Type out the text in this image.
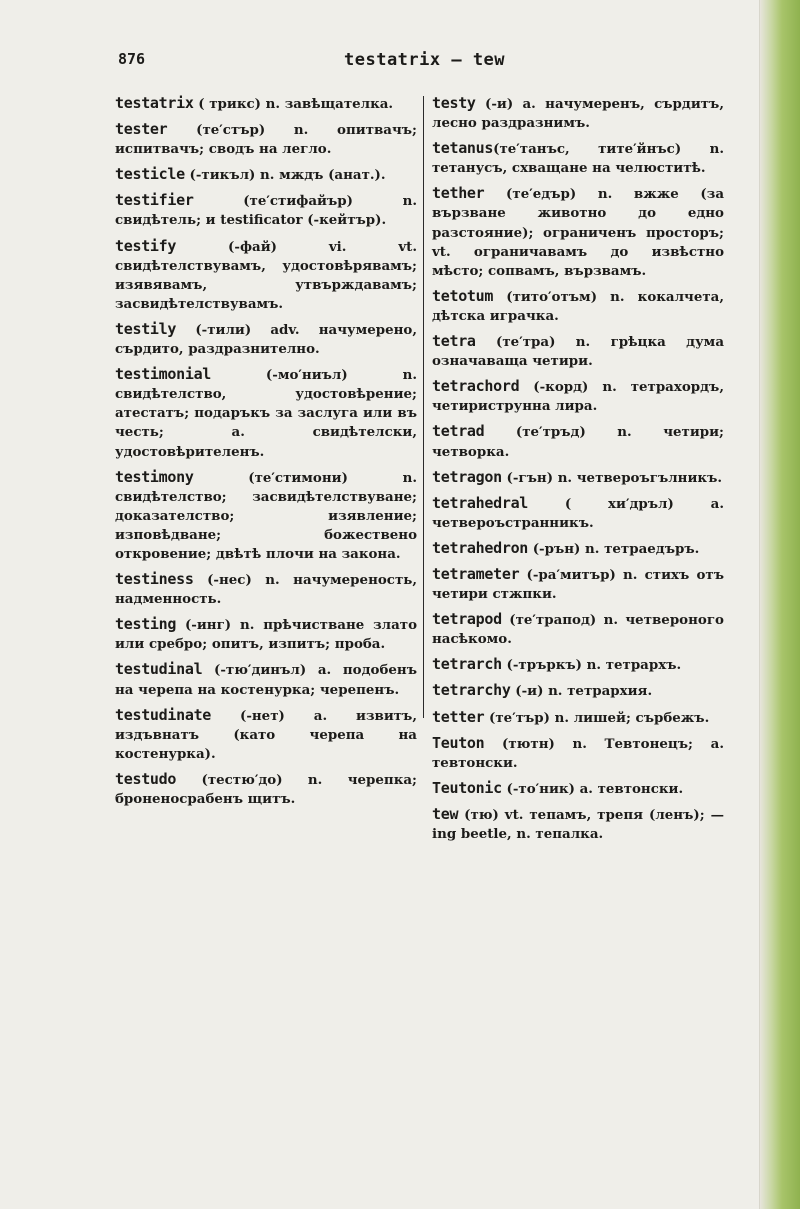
876	testatrix — tew

testatrix ( трикс) n. завѣщателка.

tester (те′стър) n. опитвачъ; испитвачъ; сводъ на легло.

testicle (-тикъл) n. мждъ (анат.).

testifier (те′стифайър) n. свидѣтель; и testificator (-кейтър).

testify (-фай) vi. vt. свидѣтелствувамъ, удостовѣрявамъ; изявявамъ, утвърждавамъ; засвидѣтелствувамъ.

testily (-тили) adv. начумерено, сърдито, раздразнително.

testimonial (-мо′ниъл) n. свидѣтелство, удостовѣрение; атестатъ; подаръкъ за заслуга или въ честь; a. свидѣтелски, удостовѣрителенъ.

testimony (те′стимони) n. свидѣтелство; засвидѣтелствуване; доказателство; изявление; изповѣдване; божествено откровение; двѣтѣ плочи на закона.

testiness (-нес) n. начумереность, надменность.

testing (-инг) n. прѣчистване злато или сребро; опитъ, изпитъ; проба.

testudinal (-тю′динъл) a. подобенъ на черепа на костенурка; черепенъ.

testudinate (-нет) a. извитъ, издъвнатъ (като черепа на костенурка).

testudo (тестю′до) n. черепка; броненосрабенъ щитъ.

testy (-и) a. начумеренъ, сърдитъ, лесно раздразнимъ.

tetanus(те′танъс, тите′йнъс) n. тетанусъ, схващане на челюститѣ.

tether (те′едър) n. вжже (за вързване животно до едно разстояние); ограниченъ просторъ; vt. ограничавамъ до извѣстно мѣсто; сопвамъ, вързвамъ.

tetotum (тито′отъм) n. кокалчета, дѣтска игрaчка.

tetra (те′тра) n. грѣцка дума означаваща четири.

tetrachord (-корд) n. тетрахордъ, четириструнна лира.

tetrad (те′тръд) n. четири; четворка.

tetragon (-гън) n. четвероъгълникъ.

tetrahedral ( хи′дръл) a. четвероъстранникъ.

tetrahedron (-рън) n. тетраедъръ.

tetrameter (-ра′митър) n. стихъ отъ четири стжпки.

tetrapod (те′трапод) n. четвероного насѣкомо.

tetrarch (-тръркъ) n. тетрархъ.

tetrarchy (-и) n. тетрархия.

tetter (те′тър) n. лишей; сърбежъ.

Teuton (тютн) n. Тевтонецъ; a. тевтонски.

Teutonic (-то′ник) a. тевтонски.

tew (тю) vt. тепамъ, трепя (ленъ); —ing beetle, n. тепалка.
